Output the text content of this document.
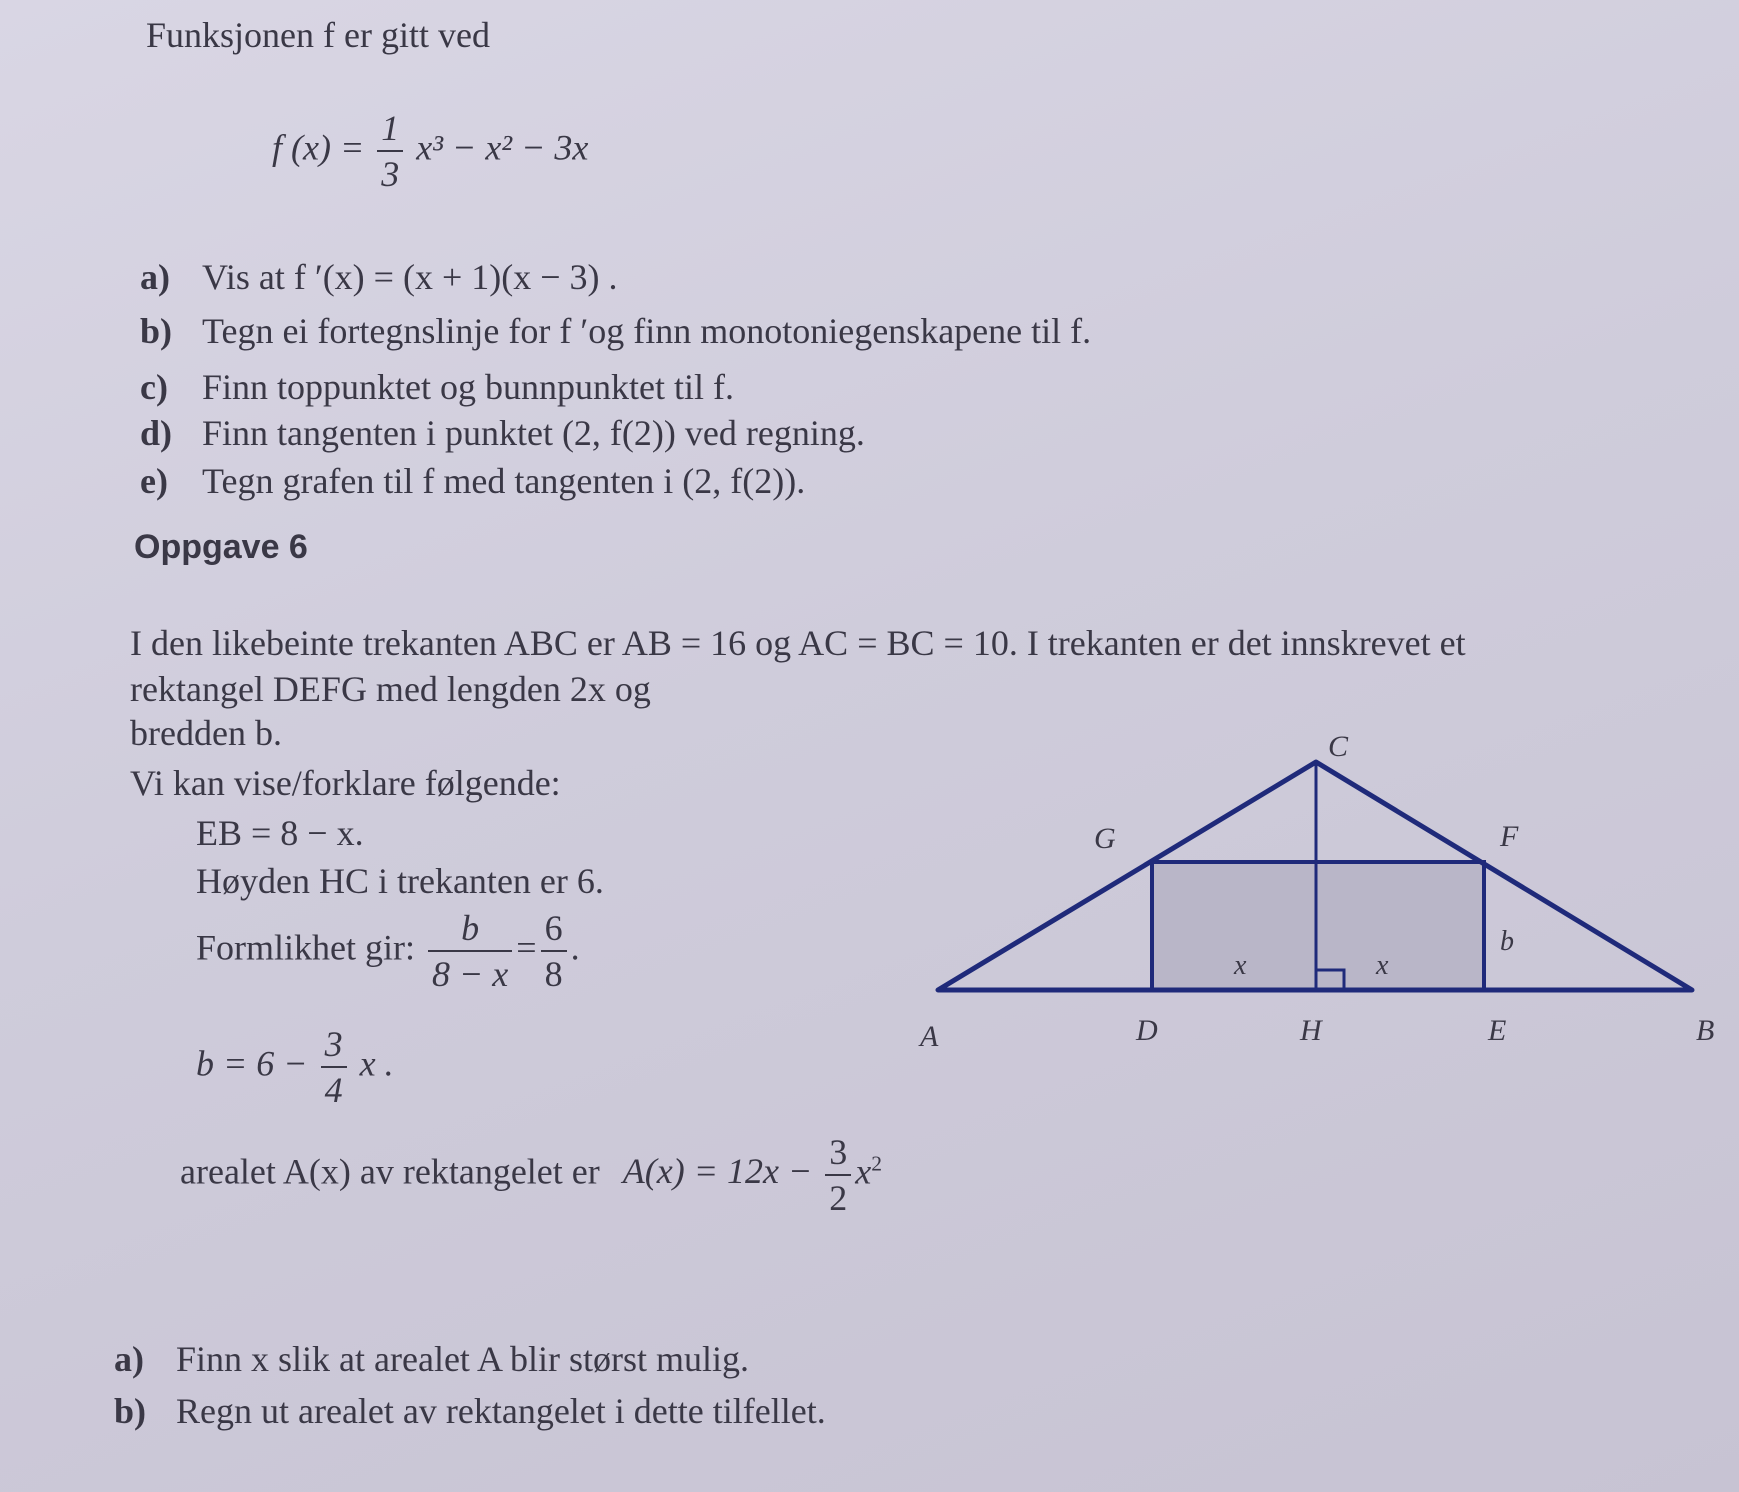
Funksjonen f er gitt ved
f $(x) = \frac{1}{3} x^3 - x^2 - 3x$
a) Vis at f ′(x) = (x + 1)(x − 3) .
b) Tegn ei fortegnslinje for f ′og finn monotoniegenskapene til f.
c) Finn toppunktet og bunnpunktet til f.
d) Finn tangenten i punktet (2, f(2)) ved regning.
e) Tegn grafen til f med tangenten i (2, f(2)).
Oppgave 6
I den likebeinte trekanten ABC er AB = 16 og AC = BC = 10. I trekanten er det innskrevet et
rektangel DEFG med lengden 2x og
bredden b.
Vi kan vise/forklare følgende:
EB = 8 − x.
Høyden HC i trekanten er 6.
Formlikhet gir: $\frac{b}{8 - x} = \frac{6}{8}$ .
$b = 6 - \frac{3}{4}$ x .
arealet A(x) av rektangelet er $A(x) = 12x - \frac{3}{2} x^2$
a) Finn x slik at arealet A blir størst mulig.
b) Regn ut arealet av rektangelet i dette tilfellet.
C
G	F
x	x
b
A	D	H	E	B
